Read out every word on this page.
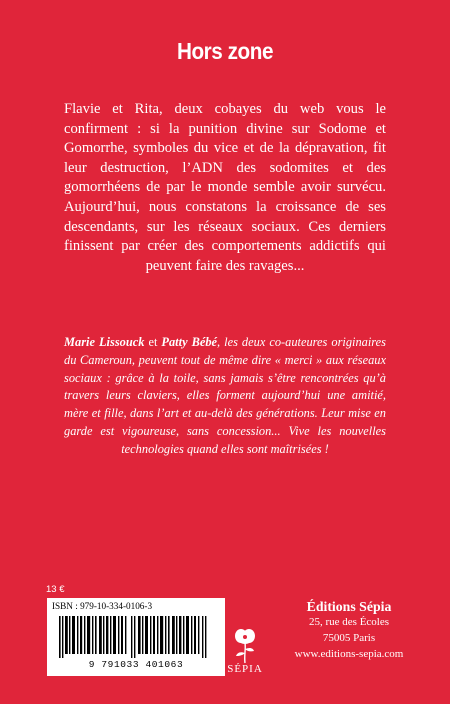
Hors zone

Flavie et Rita, deux cobayes du web vous le confirment : si la punition divine sur Sodome et Gomorrhe, symboles du vice et de la dépravation, fit leur destruction, l’ADN des sodomites et des gomorrhéens de par le monde semble avoir survécu. Aujourd’hui, nous constatons la croissance de ses descendants, sur les réseaux sociaux. Ces derniers finissent par créer des comportements addictifs qui peuvent faire des ravages...

Marie Lissouck et Patty Bébé, les deux co-auteures originaires du Cameroun, peuvent tout de même dire « merci » aux réseaux sociaux : grâce à la toile, sans jamais s’être rencontrées qu’à travers leurs claviers, elles forment aujourd’hui une amitié, mère et fille, dans l’art et au-delà des générations. Leur mise en garde est vigoureuse, sans concession... Vive les nouvelles technologies quand elles sont maîtrisées !

13 €
ISBN : 979-10-334-0106-3
9 791033 401063	SÉPIA
Éditions Sépia
25, rue des Écoles
75005 Paris
www.editions-sepia.com
